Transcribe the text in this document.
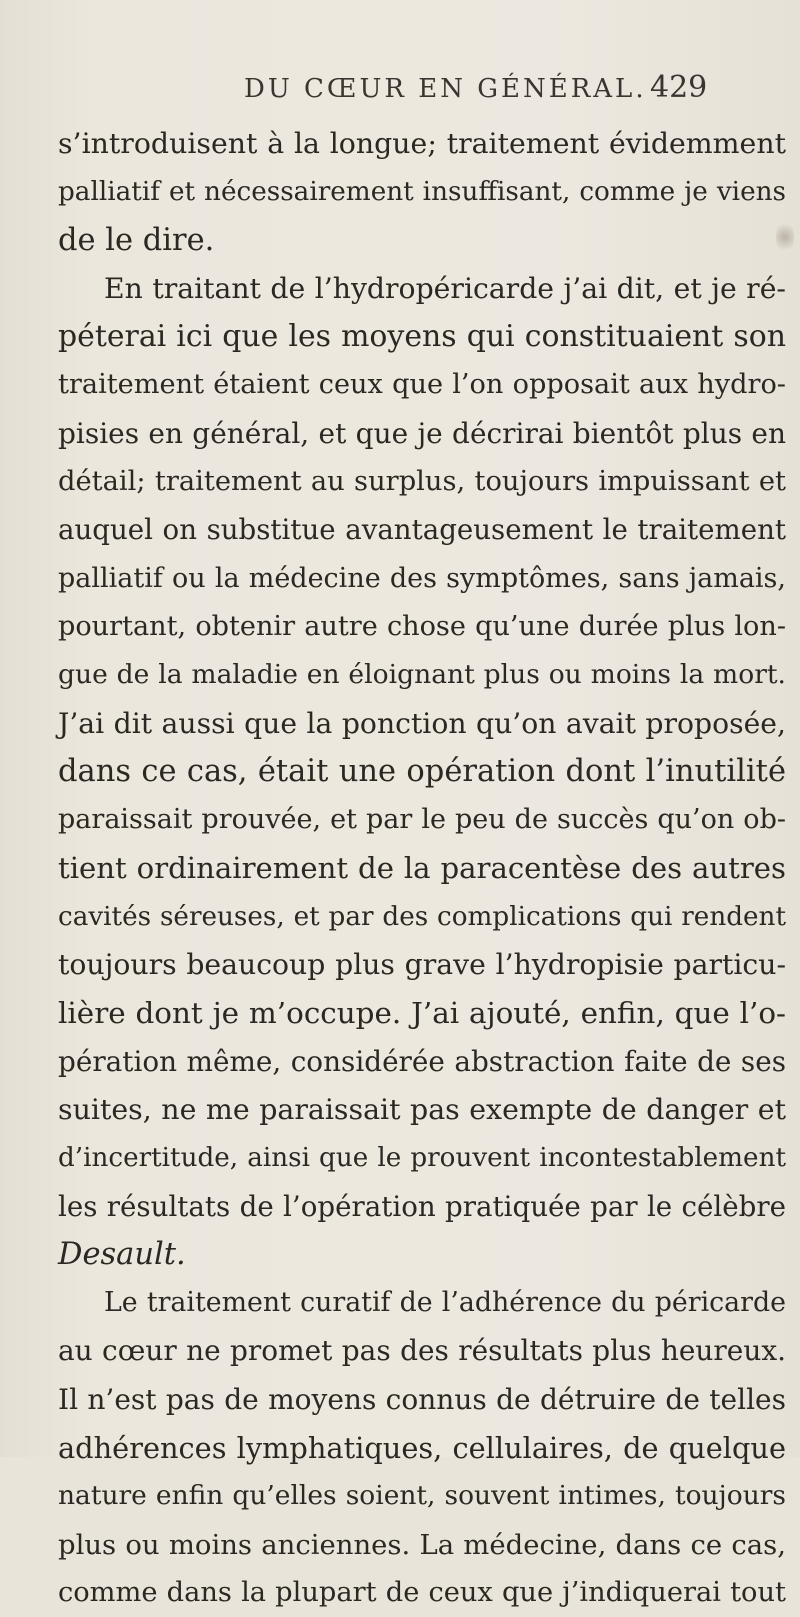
DU CŒUR EN GÉNÉRAL. 429
s’introduisent à la longue; traitement évidemment
palliatif et nécessairement insuffisant, comme je viens
de le dire.
En traitant de l’hydropéricarde j’ai dit, et je ré-
péterai ici que les moyens qui constituaient son
traitement étaient ceux que l’on opposait aux hydro-
pisies en général, et que je décrirai bientôt plus en
détail; traitement au surplus, toujours impuissant et
auquel on substitue avantageusement le traitement
palliatif ou la médecine des symptômes, sans jamais,
pourtant, obtenir autre chose qu’une durée plus lon-
gue de la maladie en éloignant plus ou moins la mort.
J’ai dit aussi que la ponction qu’on avait proposée,
dans ce cas, était une opération dont l’inutilité
paraissait prouvée, et par le peu de succès qu’on ob-
tient ordinairement de la paracentèse des autres
cavités séreuses, et par des complications qui rendent
toujours beaucoup plus grave l’hydropisie particu-
lière dont je m’occupe. J’ai ajouté, enfin, que l’o-
pération même, considérée abstraction faite de ses
suites, ne me paraissait pas exempte de danger et
d’incertitude, ainsi que le prouvent incontestablement
les résultats de l’opération pratiquée par le célèbre
Desault.
Le traitement curatif de l’adhérence du péricarde
au cœur ne promet pas des résultats plus heureux.
Il n’est pas de moyens connus de détruire de telles
adhérences lymphatiques, cellulaires, de quelque
nature enfin qu’elles soient, souvent intimes, toujours
plus ou moins anciennes. La médecine, dans ce cas,
comme dans la plupart de ceux que j’indiquerai tout
